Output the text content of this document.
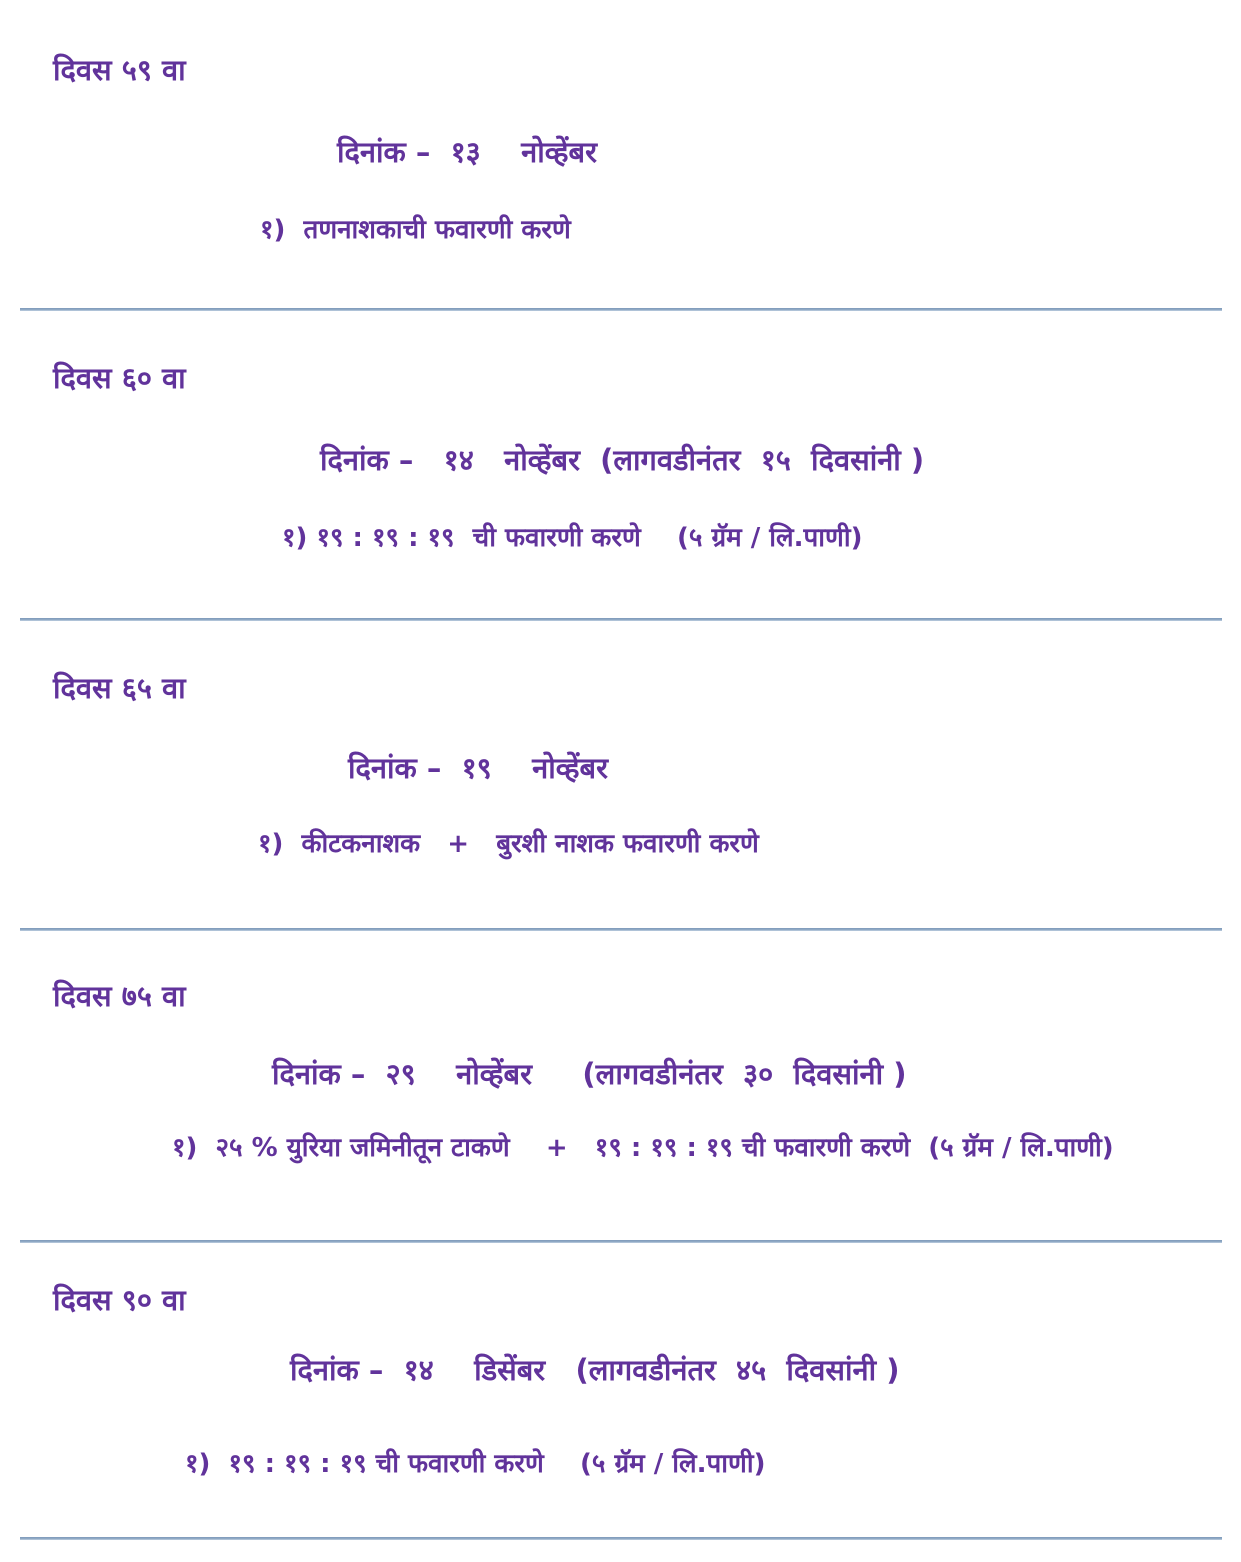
दिवस ५९ वा
दिनांक –  १३    नोव्हेंबर

१)  तणनाशकाची फवारणी करणे

दिवस ६० वा
दिनांक –   १४   नोव्हेंबर  (लागवडीनंतर  १५  दिवसांनी )

१) १९ : १९ : १९  ची फवारणी करणे    (५ ग्रॅम / लि.पाणी)

दिवस ६५ वा
दिनांक –  १९    नोव्हेंबर

१)  कीटकनाशक   +   बुरशी नाशक फवारणी करणे

दिवस ७५ वा
दिनांक –  २९    नोव्हेंबर     (लागवडीनंतर  ३०  दिवसांनी )

१)  २५ % युरिया जमिनीतून टाकणे    +   १९ : १९ : १९ ची फवारणी करणे  (५ ग्रॅम / लि.पाणी)

दिवस ९० वा
दिनांक –  १४    डिसेंबर   (लागवडीनंतर  ४५  दिवसांनी )

१)  १९ : १९ : १९ ची फवारणी करणे    (५ ग्रॅम / लि.पाणी)
